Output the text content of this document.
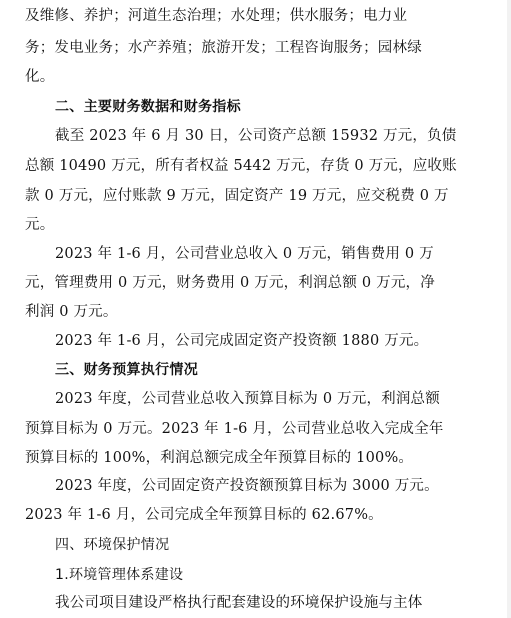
及维修、养护；河道生态治理；水处理；供水服务；电力业
务；发电业务；水产养殖；旅游开发；工程咨询服务；园林绿
化。
二、主要财务数据和财务指标
截至 2023 年 6 月 30 日，公司资产总额 15932 万元，负债
总额 10490 万元，所有者权益 5442 万元，存货 0 万元，应收账
款 0 万元，应付账款 9 万元，固定资产 19 万元，应交税费 0 万
元。
2023 年 1-6 月，公司营业总收入 0 万元，销售费用 0 万
元，管理费用 0 万元，财务费用 0 万元，利润总额 0 万元，净
利润 0 万元。
2023 年 1-6 月，公司完成固定资产投资额 1880 万元。
三、财务预算执行情况
2023 年度，公司营业总收入预算目标为 0 万元，利润总额
预算目标为 0 万元。2023 年 1-6 月，公司营业总收入完成全年
预算目标的 100%，利润总额完成全年预算目标的 100%。
2023 年度，公司固定资产投资额预算目标为 3000 万元。
2023 年 1-6 月，公司完成全年预算目标的 62.67%。
四、环境保护情况
1.环境管理体系建设
我公司项目建设严格执行配套建设的环境保护设施与主体
